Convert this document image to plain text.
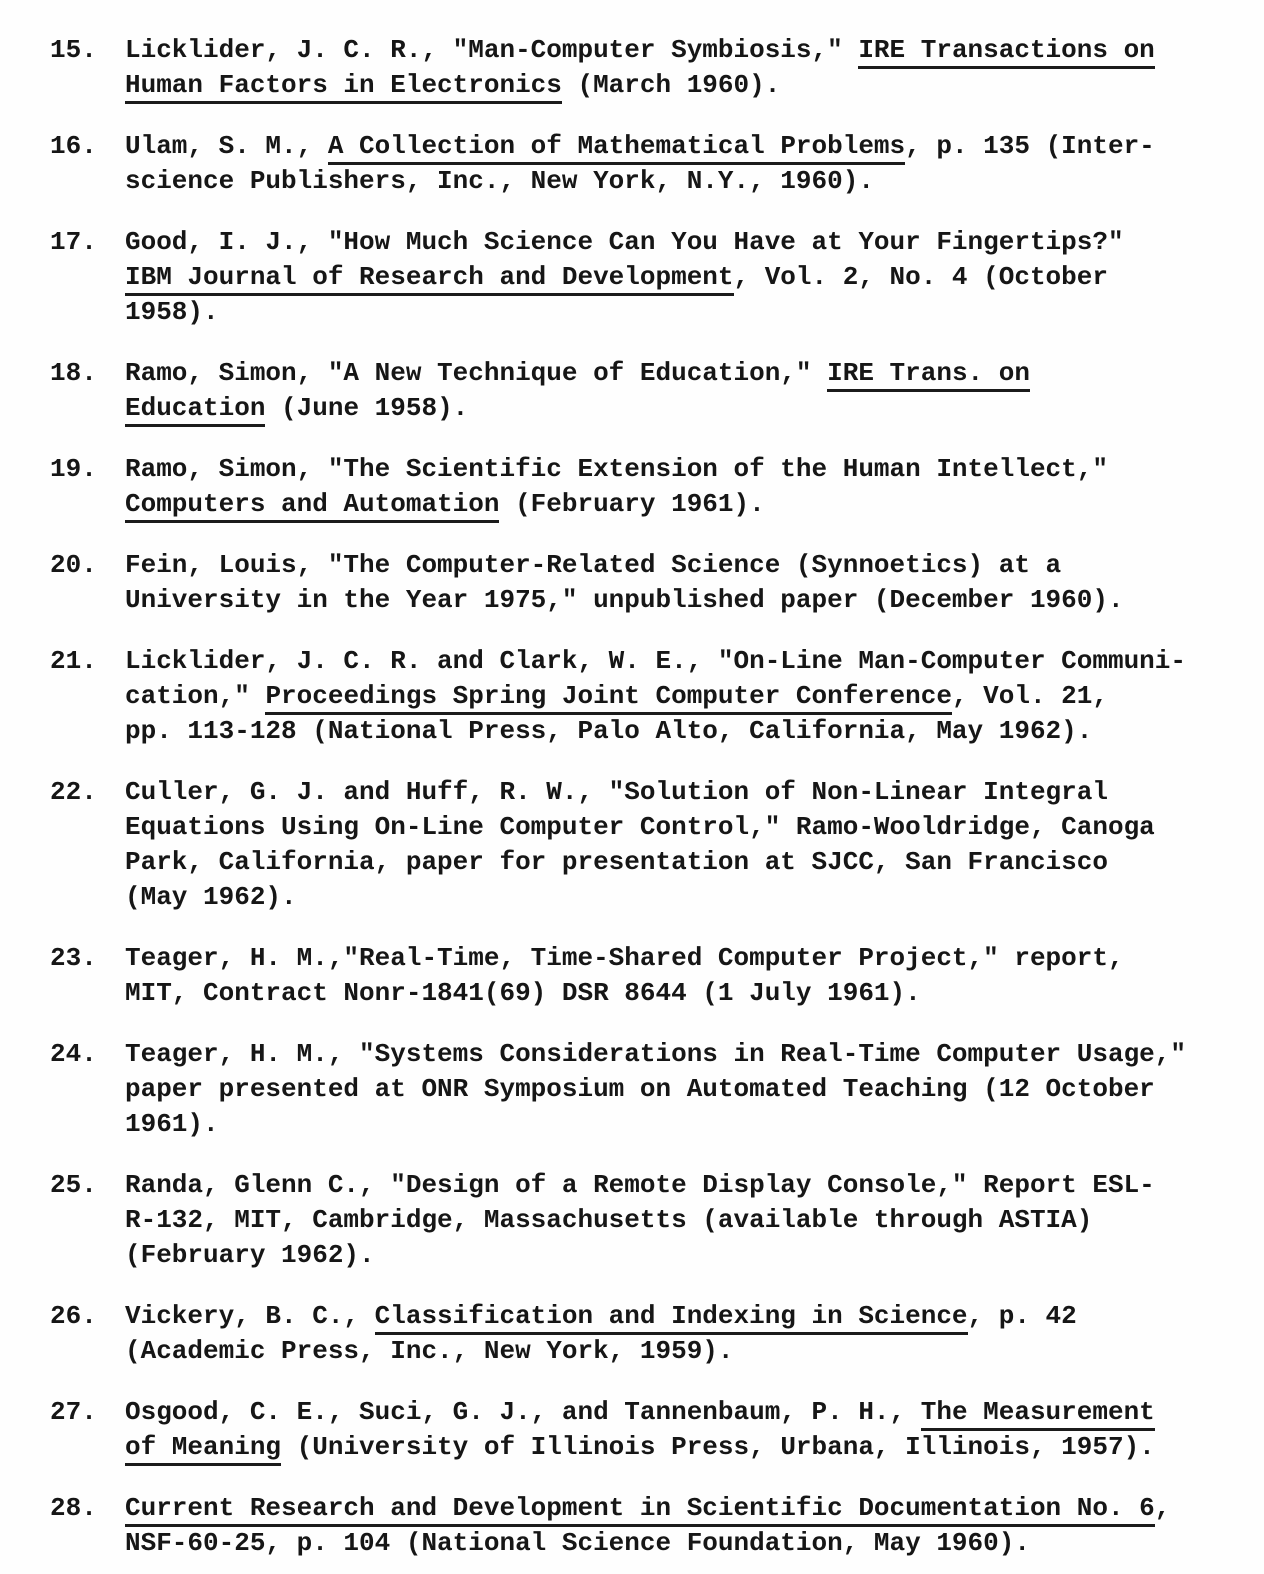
15.	Licklider, J. C. R., "Man-Computer Symbiosis," IRE Transactions on
Human Factors in Electronics (March 1960).
16.	Ulam, S. M., A Collection of Mathematical Problems, p. 135 (Inter-
science Publishers, Inc., New York, N.Y., 1960).
17.	Good, I. J., "How Much Science Can You Have at Your Fingertips?"
IBM Journal of Research and Development, Vol. 2, No. 4 (October
1958).
18.	Ramo, Simon, "A New Technique of Education," IRE Trans. on
Education (June 1958).
19.	Ramo, Simon, "The Scientific Extension of the Human Intellect,"
Computers and Automation (February 1961).
20.	Fein, Louis, "The Computer-Related Science (Synnoetics) at a
University in the Year 1975," unpublished paper (December 1960).
21.	Licklider, J. C. R. and Clark, W. E., "On-Line Man-Computer Communi-
cation," Proceedings Spring Joint Computer Conference, Vol. 21,
pp. 113-128 (National Press, Palo Alto, California, May 1962).
22.	Culler, G. J. and Huff, R. W., "Solution of Non-Linear Integral
Equations Using On-Line Computer Control," Ramo-Wooldridge, Canoga
Park, California, paper for presentation at SJCC, San Francisco
(May 1962).
23.	Teager, H. M.,"Real-Time, Time-Shared Computer Project," report,
MIT, Contract Nonr-1841(69) DSR 8644 (1 July 1961).
24.	Teager, H. M., "Systems Considerations in Real-Time Computer Usage,"
paper presented at ONR Symposium on Automated Teaching (12 October
1961).
25.	Randa, Glenn C., "Design of a Remote Display Console," Report ESL-
R-132, MIT, Cambridge, Massachusetts (available through ASTIA)
(February 1962).
26.	Vickery, B. C., Classification and Indexing in Science, p. 42
(Academic Press, Inc., New York, 1959).
27.	Osgood, C. E., Suci, G. J., and Tannenbaum, P. H., The Measurement
of Meaning (University of Illinois Press, Urbana, Illinois, 1957).
28.	Current Research and Development in Scientific Documentation No. 6,
NSF-60-25, p. 104 (National Science Foundation, May 1960).
